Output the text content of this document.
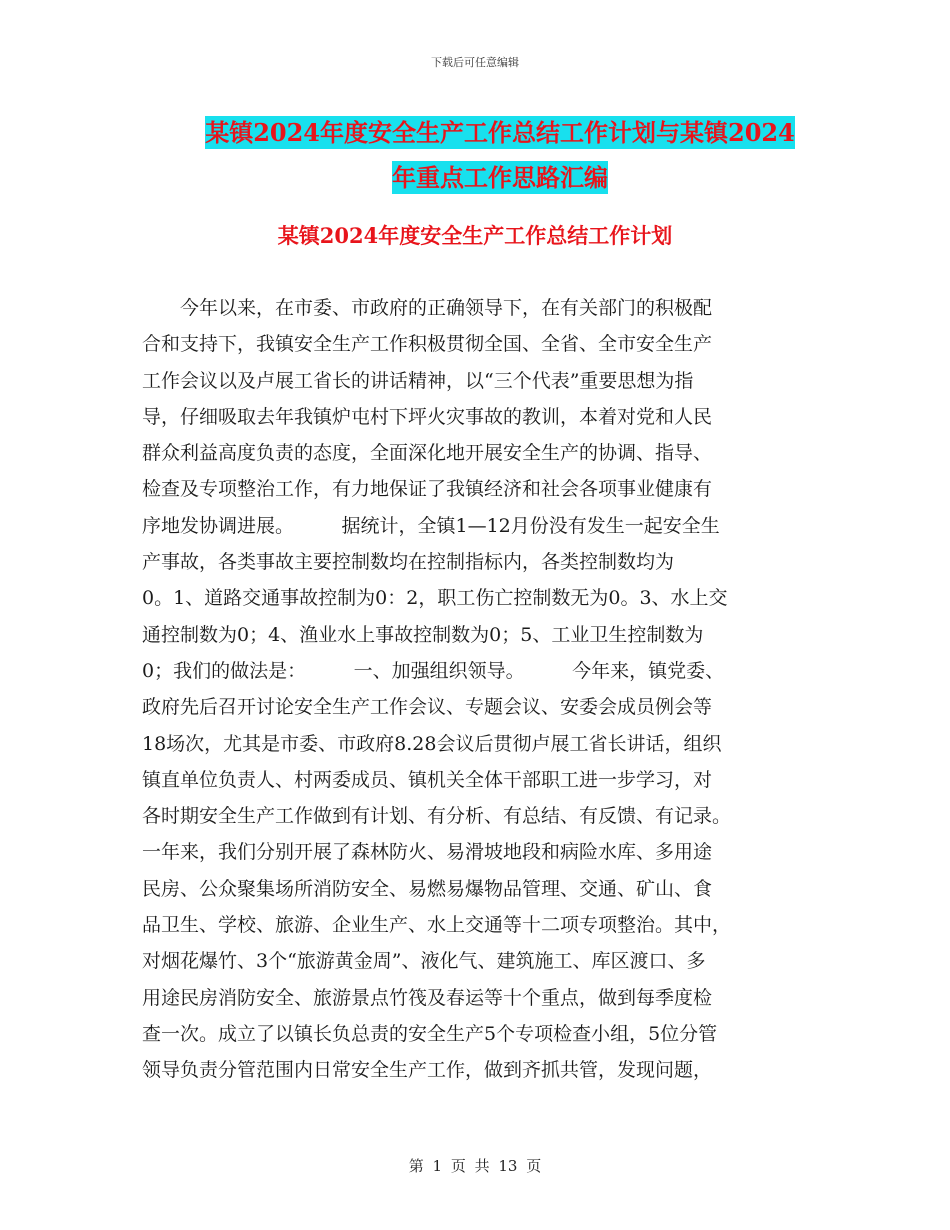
下载后可任意编辑
某镇2024年度安全生产工作总结工作计划与某镇2024
年重点工作思路汇编
某镇2024年度安全生产工作总结工作计划
　　今年以来，在市委、市政府的正确领导下，在有关部门的积极配
合和支持下，我镇安全生产工作积极贯彻全国、全省、全市安全生产
工作会议以及卢展工省长的讲话精神，以“三个代表”重要思想为指
导，仔细吸取去年我镇炉屯村下坪火灾事故的教训，本着对党和人民
群众利益高度负责的态度，全面深化地开展安全生产的协调、指导、
检查及专项整治工作，有力地保证了我镇经济和社会各项事业健康有
序地发协调进展。　　　据统计，全镇1—12月份没有发生一起安全生
产事故，各类事故主要控制数均在控制指标内，各类控制数均为
0。1、道路交通事故控制为0：2，职工伤亡控制数无为0。3、水上交
通控制数为0；4、渔业水上事故控制数为0；5、工业卫生控制数为
0；我们的做法是：　　　一、加强组织领导。　　　今年来，镇党委、
政府先后召开讨论安全生产工作会议、专题会议、安委会成员例会等
18场次，尤其是市委、市政府8.28会议后贯彻卢展工省长讲话，组织
镇直单位负责人、村两委成员、镇机关全体干部职工进一步学习，对
各时期安全生产工作做到有计划、有分析、有总结、有反馈、有记录。
一年来，我们分别开展了森林防火、易滑坡地段和病险水库、多用途
民房、公众聚集场所消防安全、易燃易爆物品管理、交通、矿山、食
品卫生、学校、旅游、企业生产、水上交通等十二项专项整治。其中，
对烟花爆竹、3个“旅游黄金周”、液化气、建筑施工、库区渡口、多
用途民房消防安全、旅游景点竹筏及春运等十个重点，做到每季度检
查一次。成立了以镇长负总责的安全生产5个专项检查小组，5位分管
领导负责分管范围内日常安全生产工作，做到齐抓共管，发现问题，
第 1 页 共 13 页
